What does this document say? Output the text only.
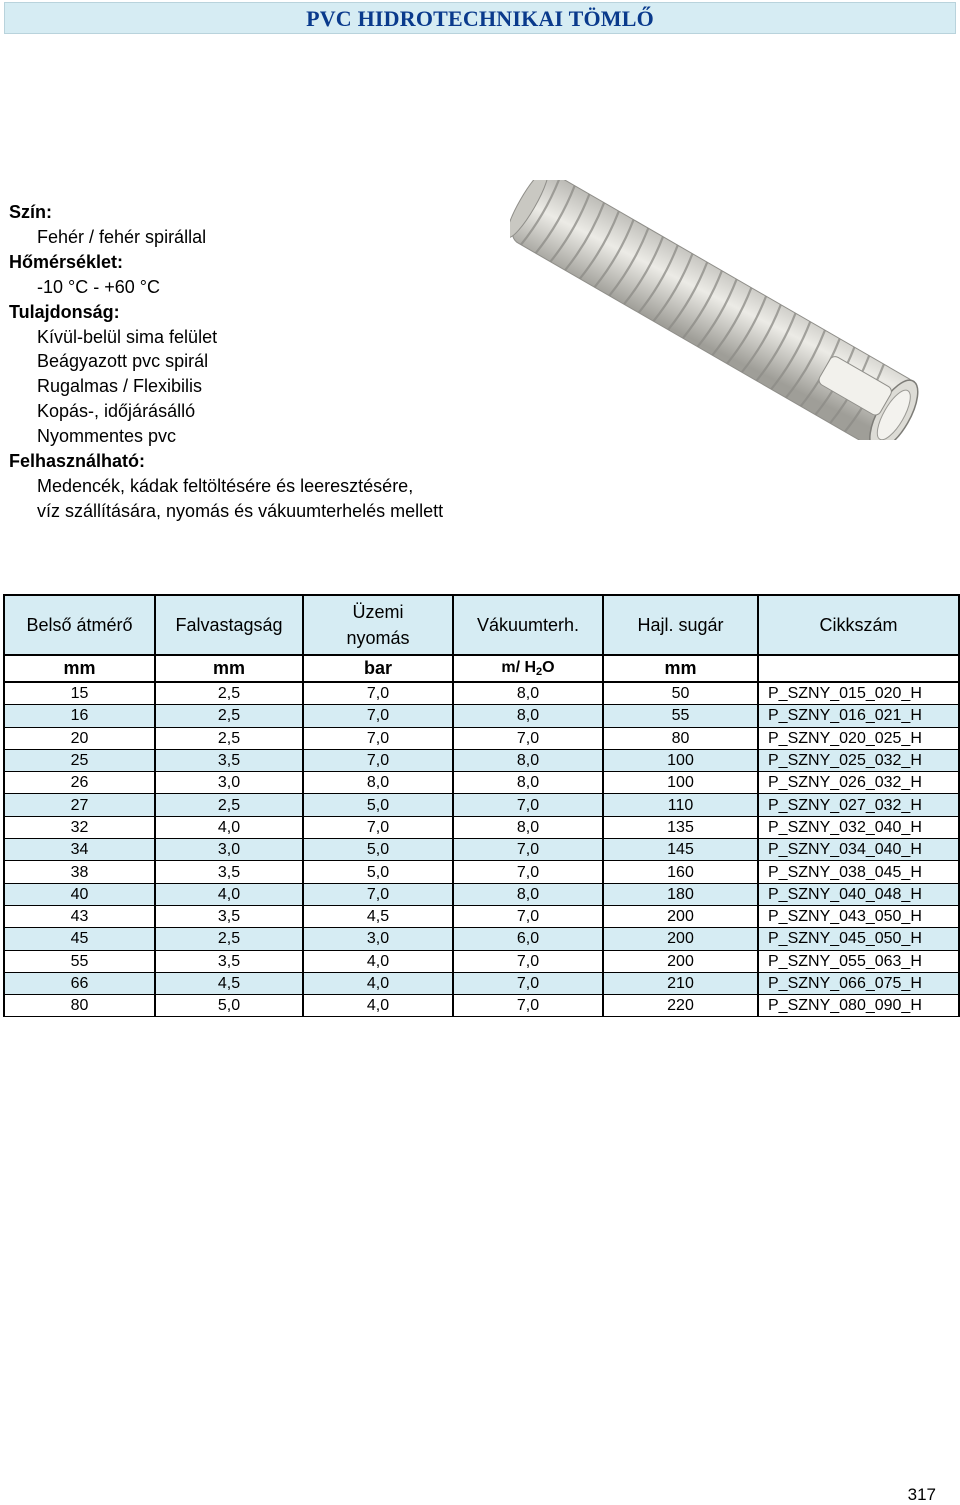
PVC HIDROTECHNIKAI TÖMLŐ
Szín:
Fehér / fehér spirállal
Hőmérséklet:
-10 °C - +60 °C
Tulajdonság:
Kívül-belül sima felület
Beágyazott pvc spirál
Rugalmas / Flexibilis
Kopás-, időjárásálló
Nyommentes pvc
Felhasználható:
Medencék, kádak feltöltésére és leeresztésére,
víz szállítására, nyomás és vákuumterhelés mellett
Belső átmérő	Falvastagság	Üzemi nyomás	Vákuumterh.	Hajl. sugár	Cikkszám
mm	mm	bar	m/ $H_2O$	mm	
15	2,5	7,0	8,0	50	P_SZNY_015_020_H
16	2,5	7,0	8,0	55	P_SZNY_016_021_H
20	2,5	7,0	7,0	80	P_SZNY_020_025_H
25	3,5	7,0	8,0	100	P_SZNY_025_032_H
26	3,0	8,0	8,0	100	P_SZNY_026_032_H
27	2,5	5,0	7,0	110	P_SZNY_027_032_H
32	4,0	7,0	8,0	135	P_SZNY_032_040_H
34	3,0	5,0	7,0	145	P_SZNY_034_040_H
38	3,5	5,0	7,0	160	P_SZNY_038_045_H
40	4,0	7,0	8,0	180	P_SZNY_040_048_H
43	3,5	4,5	7,0	200	P_SZNY_043_050_H
45	2,5	3,0	6,0	200	P_SZNY_045_050_H
55	3,5	4,0	7,0	200	P_SZNY_055_063_H
66	4,5	4,0	7,0	210	P_SZNY_066_075_H
80	5,0	4,0	7,0	220	P_SZNY_080_090_H
317
